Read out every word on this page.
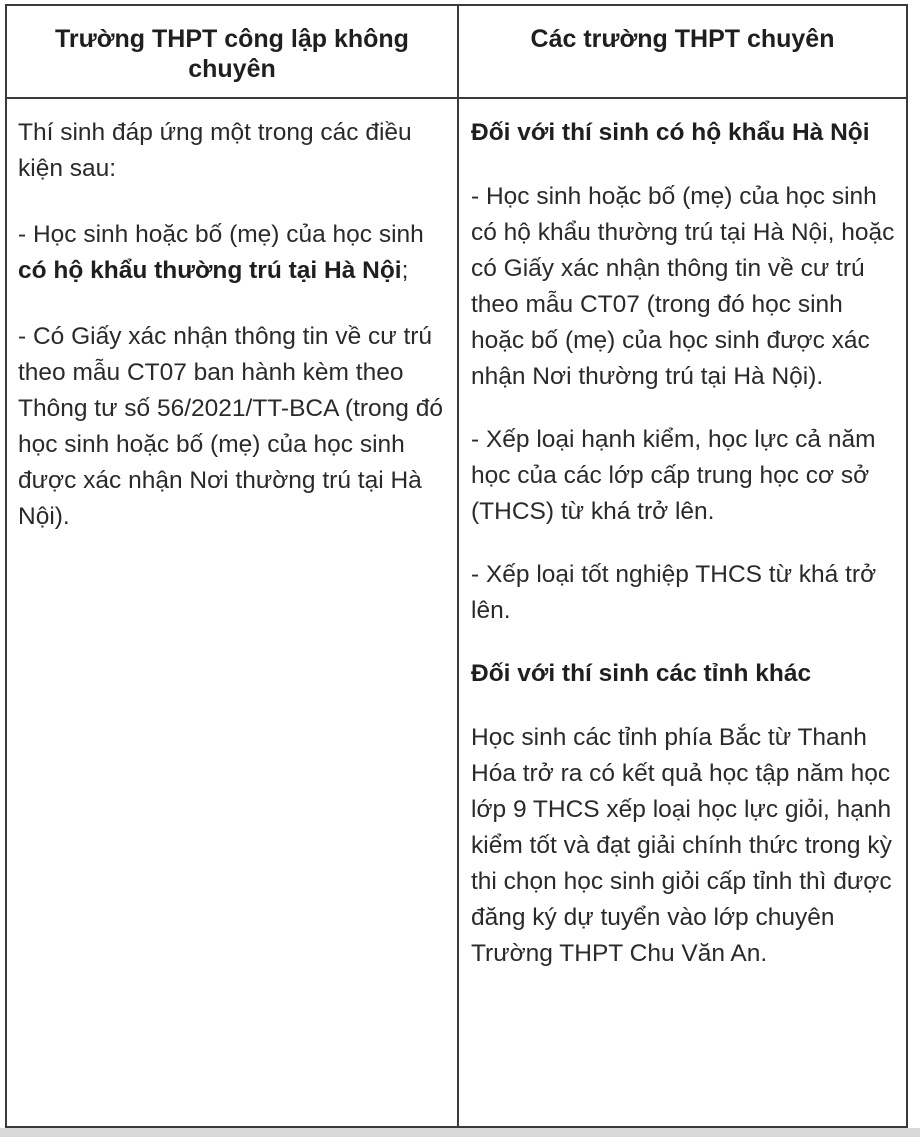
Trường THPT công lập không chuyên
Các trường THPT chuyên

Thí sinh đáp ứng một trong các điều kiện sau:

- Học sinh hoặc bố (mẹ) của học sinh có hộ khẩu thường trú tại Hà Nội;

- Có Giấy xác nhận thông tin về cư trú theo mẫu CT07 ban hành kèm theo Thông tư số 56/2021/TT-BCA (trong đó học sinh hoặc bố (mẹ) của học sinh được xác nhận Nơi thường trú tại Hà Nội).

Đối với thí sinh có hộ khẩu Hà Nội

- Học sinh hoặc bố (mẹ) của học sinh có hộ khẩu thường trú tại Hà Nội, hoặc có Giấy xác nhận thông tin về cư trú theo mẫu CT07 (trong đó học sinh hoặc bố (mẹ) của học sinh được xác nhận Nơi thường trú tại Hà Nội).

- Xếp loại hạnh kiểm, học lực cả năm học của các lớp cấp trung học cơ sở (THCS) từ khá trở lên.

- Xếp loại tốt nghiệp THCS từ khá trở lên.

Đối với thí sinh các tỉnh khác

Học sinh các tỉnh phía Bắc từ Thanh Hóa trở ra có kết quả học tập năm học lớp 9 THCS xếp loại học lực giỏi, hạnh kiểm tốt và đạt giải chính thức trong kỳ thi chọn học sinh giỏi cấp tỉnh thì được đăng ký dự tuyển vào lớp chuyên Trường THPT Chu Văn An.
